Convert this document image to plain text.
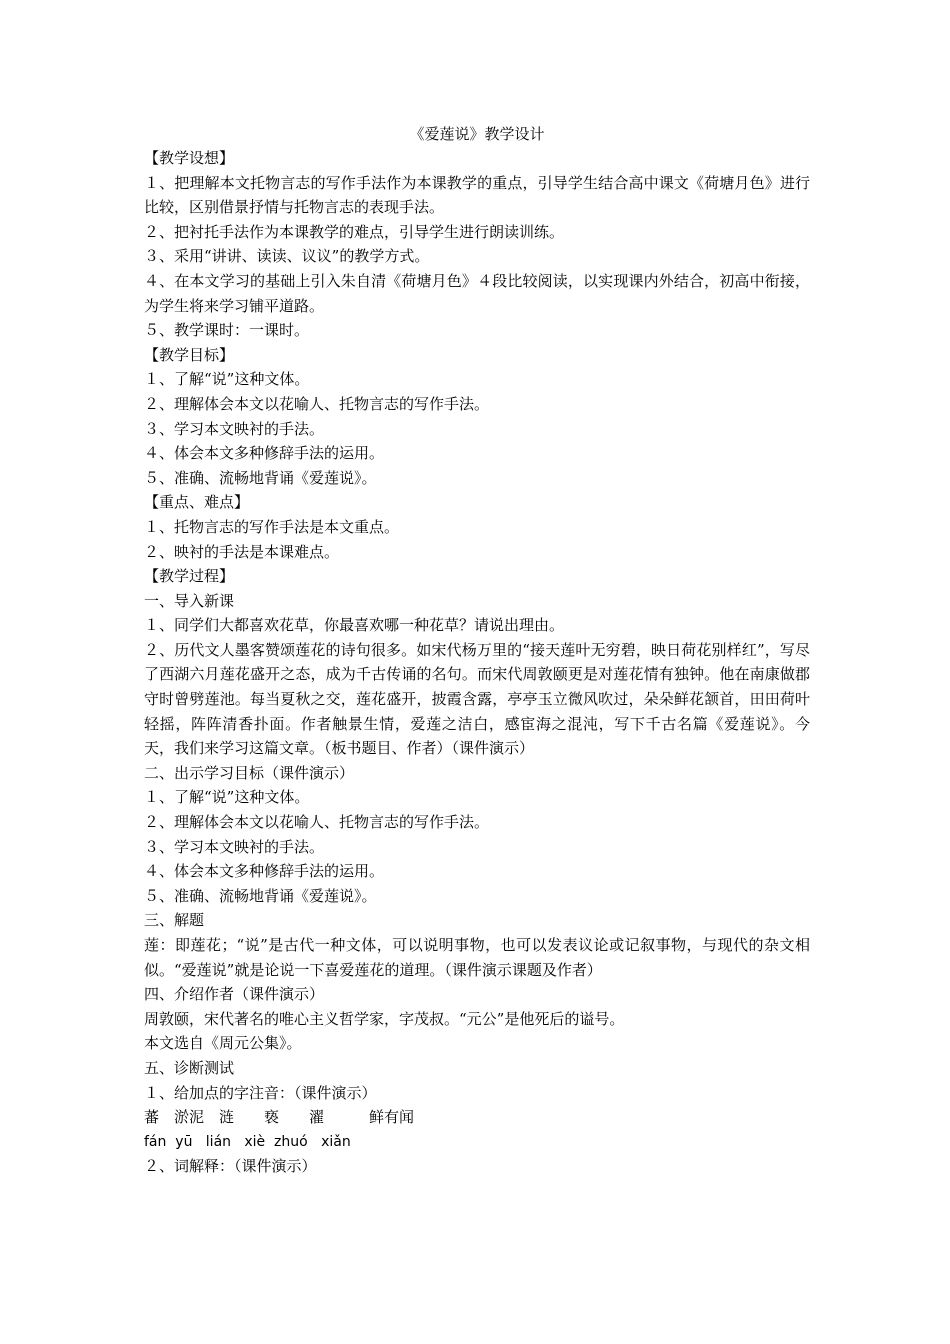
《爱莲说》教学设计

【教学设想】

１、把理解本文托物言志的写作手法作为本课教学的重点，引导学生结合高中课文《荷塘月色》进行比较，区别借景抒情与托物言志的表现手法。

２、把衬托手法作为本课教学的难点，引导学生进行朗读训练。

３、采用“讲讲、读读、议议”的教学方式。

４、在本文学习的基础上引入朱自清《荷塘月色》４段比较阅读，以实现课内外结合，初高中衔接，为学生将来学习铺平道路。

５、教学课时：一课时。

【教学目标】

１、了解“说”这种文体。

２、理解体会本文以花喻人、托物言志的写作手法。

３、学习本文映衬的手法。

４、体会本文多种修辞手法的运用。

５、准确、流畅地背诵《爱莲说》。

【重点、难点】

１、托物言志的写作手法是本文重点。

２、映衬的手法是本课难点。

【教学过程】

一、导入新课

１、同学们大都喜欢花草，你最喜欢哪一种花草？请说出理由。

２、历代文人墨客赞颂莲花的诗句很多。如宋代杨万里的“接天莲叶无穷碧，映日荷花别样红”，写尽了西湖六月莲花盛开之态，成为千古传诵的名句。而宋代周敦颐更是对莲花情有独钟。他在南康做郡守时曾劈莲池。每当夏秋之交，莲花盛开，披霞含露，亭亭玉立微风吹过，朵朵鲜花颔首，田田荷叶轻摇，阵阵清香扑面。作者触景生情，爱莲之洁白，感宦海之混沌，写下千古名篇《爱莲说》。今天，我们来学习这篇文章。（板书题目、作者）（课件演示）

二、出示学习目标（课件演示）

１、了解“说”这种文体。

２、理解体会本文以花喻人、托物言志的写作手法。

３、学习本文映衬的手法。

４、体会本文多种修辞手法的运用。

５、准确、流畅地背诵《爱莲说》。

三、解题

莲：即莲花；“说”是古代一种文体，可以说明事物，也可以发表议论或记叙事物，与现代的杂文相似。“爱莲说”就是论说一下喜爱莲花的道理。（课件演示课题及作者）

四、介绍作者（课件演示）

周敦颐，宋代著名的唯心主义哲学家，字茂叔。“元公”是他死后的谥号。

本文选自《周元公集》。

五、诊断测试

１、给加点的字注音：（课件演示）

蕃　淤泥　涟　　亵　　濯　　　鲜有闻

fán  yū   lián   xiè  zhuó   xiǎn

２、词解释：（课件演示）
